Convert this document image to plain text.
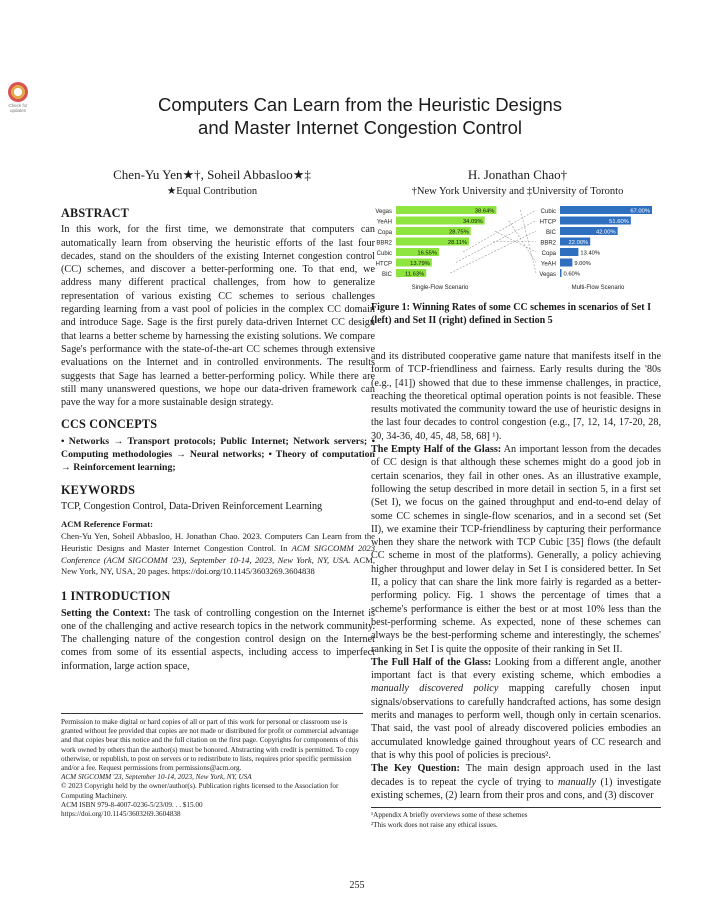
Check for updates	Computers Can Learn from the Heuristic Designs
and Master Internet Congestion Control
Chen-Yu Yen★†, Soheil Abbasloo★‡
★Equal Contribution
H. Jonathan Chao†
†New York University and ‡University of Toronto
ABSTRACT

In this work, for the first time, we demonstrate that computers can automatically learn from observing the heuristic efforts of the last four decades, stand on the shoulders of the existing Internet congestion control (CC) schemes, and discover a better-performing one. To that end, we address many different practical challenges, from how to generalize representation of various existing CC schemes to serious challenges regarding learning from a vast pool of policies in the complex CC domain and introduce Sage. Sage is the first purely data-driven Internet CC design that learns a better scheme by harnessing the existing solutions. We compare Sage's performance with the state-of-the-art CC schemes through extensive evaluations on the Internet and in controlled environments. The results suggests that Sage has learned a better-performing policy. While there are still many unanswered questions, we hope our data-driven framework can pave the way for a more sustainable design strategy.

CCS CONCEPTS

• Networks → Transport protocols; Public Internet; Network servers; • Computing methodologies → Neural networks; • Theory of computation → Reinforcement learning;

KEYWORDS

TCP, Congestion Control, Data-Driven Reinforcement Learning

ACM Reference Format:
Chen-Yu Yen, Soheil Abbasloo, H. Jonathan Chao. 2023. Computers Can Learn from the Heuristic Designs and Master Internet Congestion Control. In ACM SIGCOMM 2023 Conference (ACM SIGCOMM '23), September 10-14, 2023, New York, NY, USA. ACM, New York, NY, USA, 20 pages. https://doi.org/10.1145/3603269.3604838
1 INTRODUCTION

Setting the Context: The task of controlling congestion on the Internet is one of the challenging and active research topics in the network community. The challenging nature of the congestion control design on the Internet comes from some of its essential aspects, including access to imperfect information, large action space,

Permission to make digital or hard copies of all or part of this work for personal or classroom use is granted without fee provided that copies are not made or distributed for profit or commercial advantage and that copies bear this notice and the full citation on the first page. Copyrights for components of this work owned by others than the author(s) must be honored. Abstracting with credit is permitted. To copy otherwise, or republish, to post on servers or to redistribute to lists, requires prior specific permission and/or a fee. Request permissions from permissions@acm.org.
ACM SIGCOMM '23, September 10-14, 2023, New York, NY, USA
© 2023 Copyright held by the owner/author(s). Publication rights licensed to the Association for Computing Machinery.
ACM ISBN 979-8-4007-0236-5/23/09. . . $15.00
https://doi.org/10.1145/3603269.3604838
Vegas	38.64%
YeAH	34.09%
Copa	28.75%
BBR2	28.11%
Cubic	16.55%
HTCP	13.79%
BIC 11.63%
Single-Flow Scenario
Cubic	67.00%
HTCP	51.60%
BIC	42.00%
BBR2 22.00%
Copa	13.40%
YeAH	9.00%
Vegas 0.60%
Multi-Flow Scenario
Figure 1: Winning Rates of some CC schemes in scenarios of Set I (left) and Set II (right) defined in Section 5

and its distributed cooperative game nature that manifests itself in the form of TCP-friendliness and fairness. Early results during the '80s (e.g., [41]) showed that due to these immense challenges, in practice, reaching the theoretical optimal operation points is not feasible. These results motivated the community toward the use of heuristic designs in the last four decades to control congestion (e.g., [7, 12, 14, 17-20, 28, 30, 34-36, 40, 45, 48, 58, 68] ¹).

The Empty Half of the Glass: An important lesson from the decades of CC design is that although these schemes might do a good job in certain scenarios, they fail in other ones. As an illustrative example, following the setup described in more detail in section 5, in a first set (Set I), we focus on the gained throughput and end-to-end delay of some CC schemes in single-flow scenarios, and in a second set (Set II), we examine their TCP-friendliness by capturing their performance when they share the network with TCP Cubic [35] flows (the default CC scheme in most of the platforms). Generally, a policy achieving higher throughput and lower delay in Set I is considered better. In Set II, a policy that can share the link more fairly is regarded as a better-performing policy. Fig. 1 shows the percentage of times that a scheme's performance is either the best or at most 10% less than the best-performing scheme. As expected, none of these schemes can always be the best-performing scheme and interestingly, the schemes' ranking in Set I is quite the opposite of their ranking in Set II.

The Full Half of the Glass: Looking from a different angle, another important fact is that every existing scheme, which embodies a manually discovered policy mapping carefully chosen input signals/observations to carefully handcrafted actions, has some design merits and manages to perform well, though only in certain scenarios. That said, the vast pool of already discovered policies embodies an accumulated knowledge gained throughout years of CC research and that is why this pool of policies is precious².

The Key Question: The main design approach used in the last decades is to repeat the cycle of trying to manually (1) investigate existing schemes, (2) learn from their pros and cons, and (3) discover

¹Appendix A briefly overviews some of these schemes
²This work does not raise any ethical issues.
255
